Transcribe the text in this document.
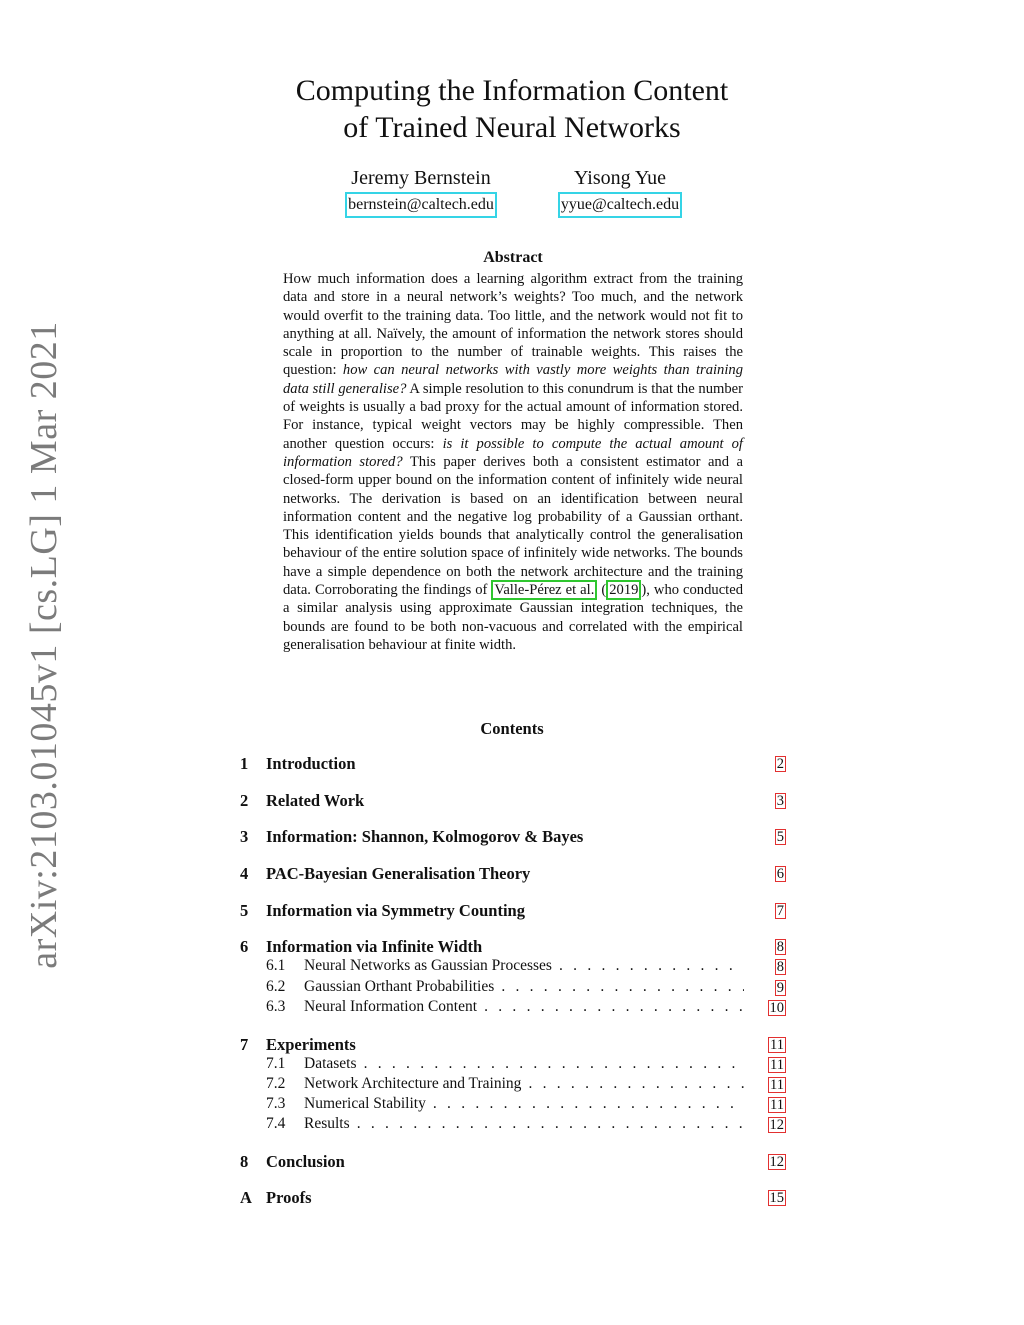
arXiv:2103.01045v1 [cs.LG] 1 Mar 2021
Computing the Information Content
of Trained Neural Networks
Jeremy Bernstein
bernstein@caltech.edu
Yisong Yue
yyue@caltech.edu
Abstract

How much information does a learning algorithm extract from the training data and store in a neural network’s weights? Too much, and the network would overfit to the training data. Too little, and the network would not fit to anything at all. Naïvely, the amount of information the network stores should scale in proportion to the number of trainable weights. This raises the question: how can neural networks with vastly more weights than training data still generalise? A simple resolution to this conundrum is that the number of weights is usually a bad proxy for the actual amount of information stored. For instance, typical weight vectors may be highly compressible. Then another question occurs: is it possible to compute the actual amount of information stored? This paper derives both a consistent estimator and a closed-form upper bound on the information content of infinitely wide neural networks. The derivation is based on an identification between neural information content and the negative log probability of a Gaussian orthant. This identification yields bounds that analytically control the generalisation behaviour of the entire solution space of infinitely wide networks. The bounds have a simple dependence on both the network architecture and the training data. Corroborating the findings of Valle-Pérez et al. ( 2019 ), who conducted a similar analysis using approximate Gaussian integration techniques, the bounds are found to be both non-vacuous and correlated with the empirical generalisation behaviour at finite width.

Contents
1 Introduction	2
2 Related Work	3
3 Information: Shannon, Kolmogorov & Bayes	5
4 PAC-Bayesian Generalisation Theory	6
5 Information via Symmetry Counting	7
6 Information via Infinite Width	8
6.1 Neural Networks as Gaussian Processes . . .	8
6.2 Gaussian Orthant Probabilities . . .	9
6.3 Neural Information Content . . .	10
7 Experiments	11
7.1 Datasets . . .	11
7.2 Network Architecture and Training . . .	11
7.3 Numerical Stability . . .	11
7.4 Results . . .	12
8 Conclusion	12
A Proofs	15
